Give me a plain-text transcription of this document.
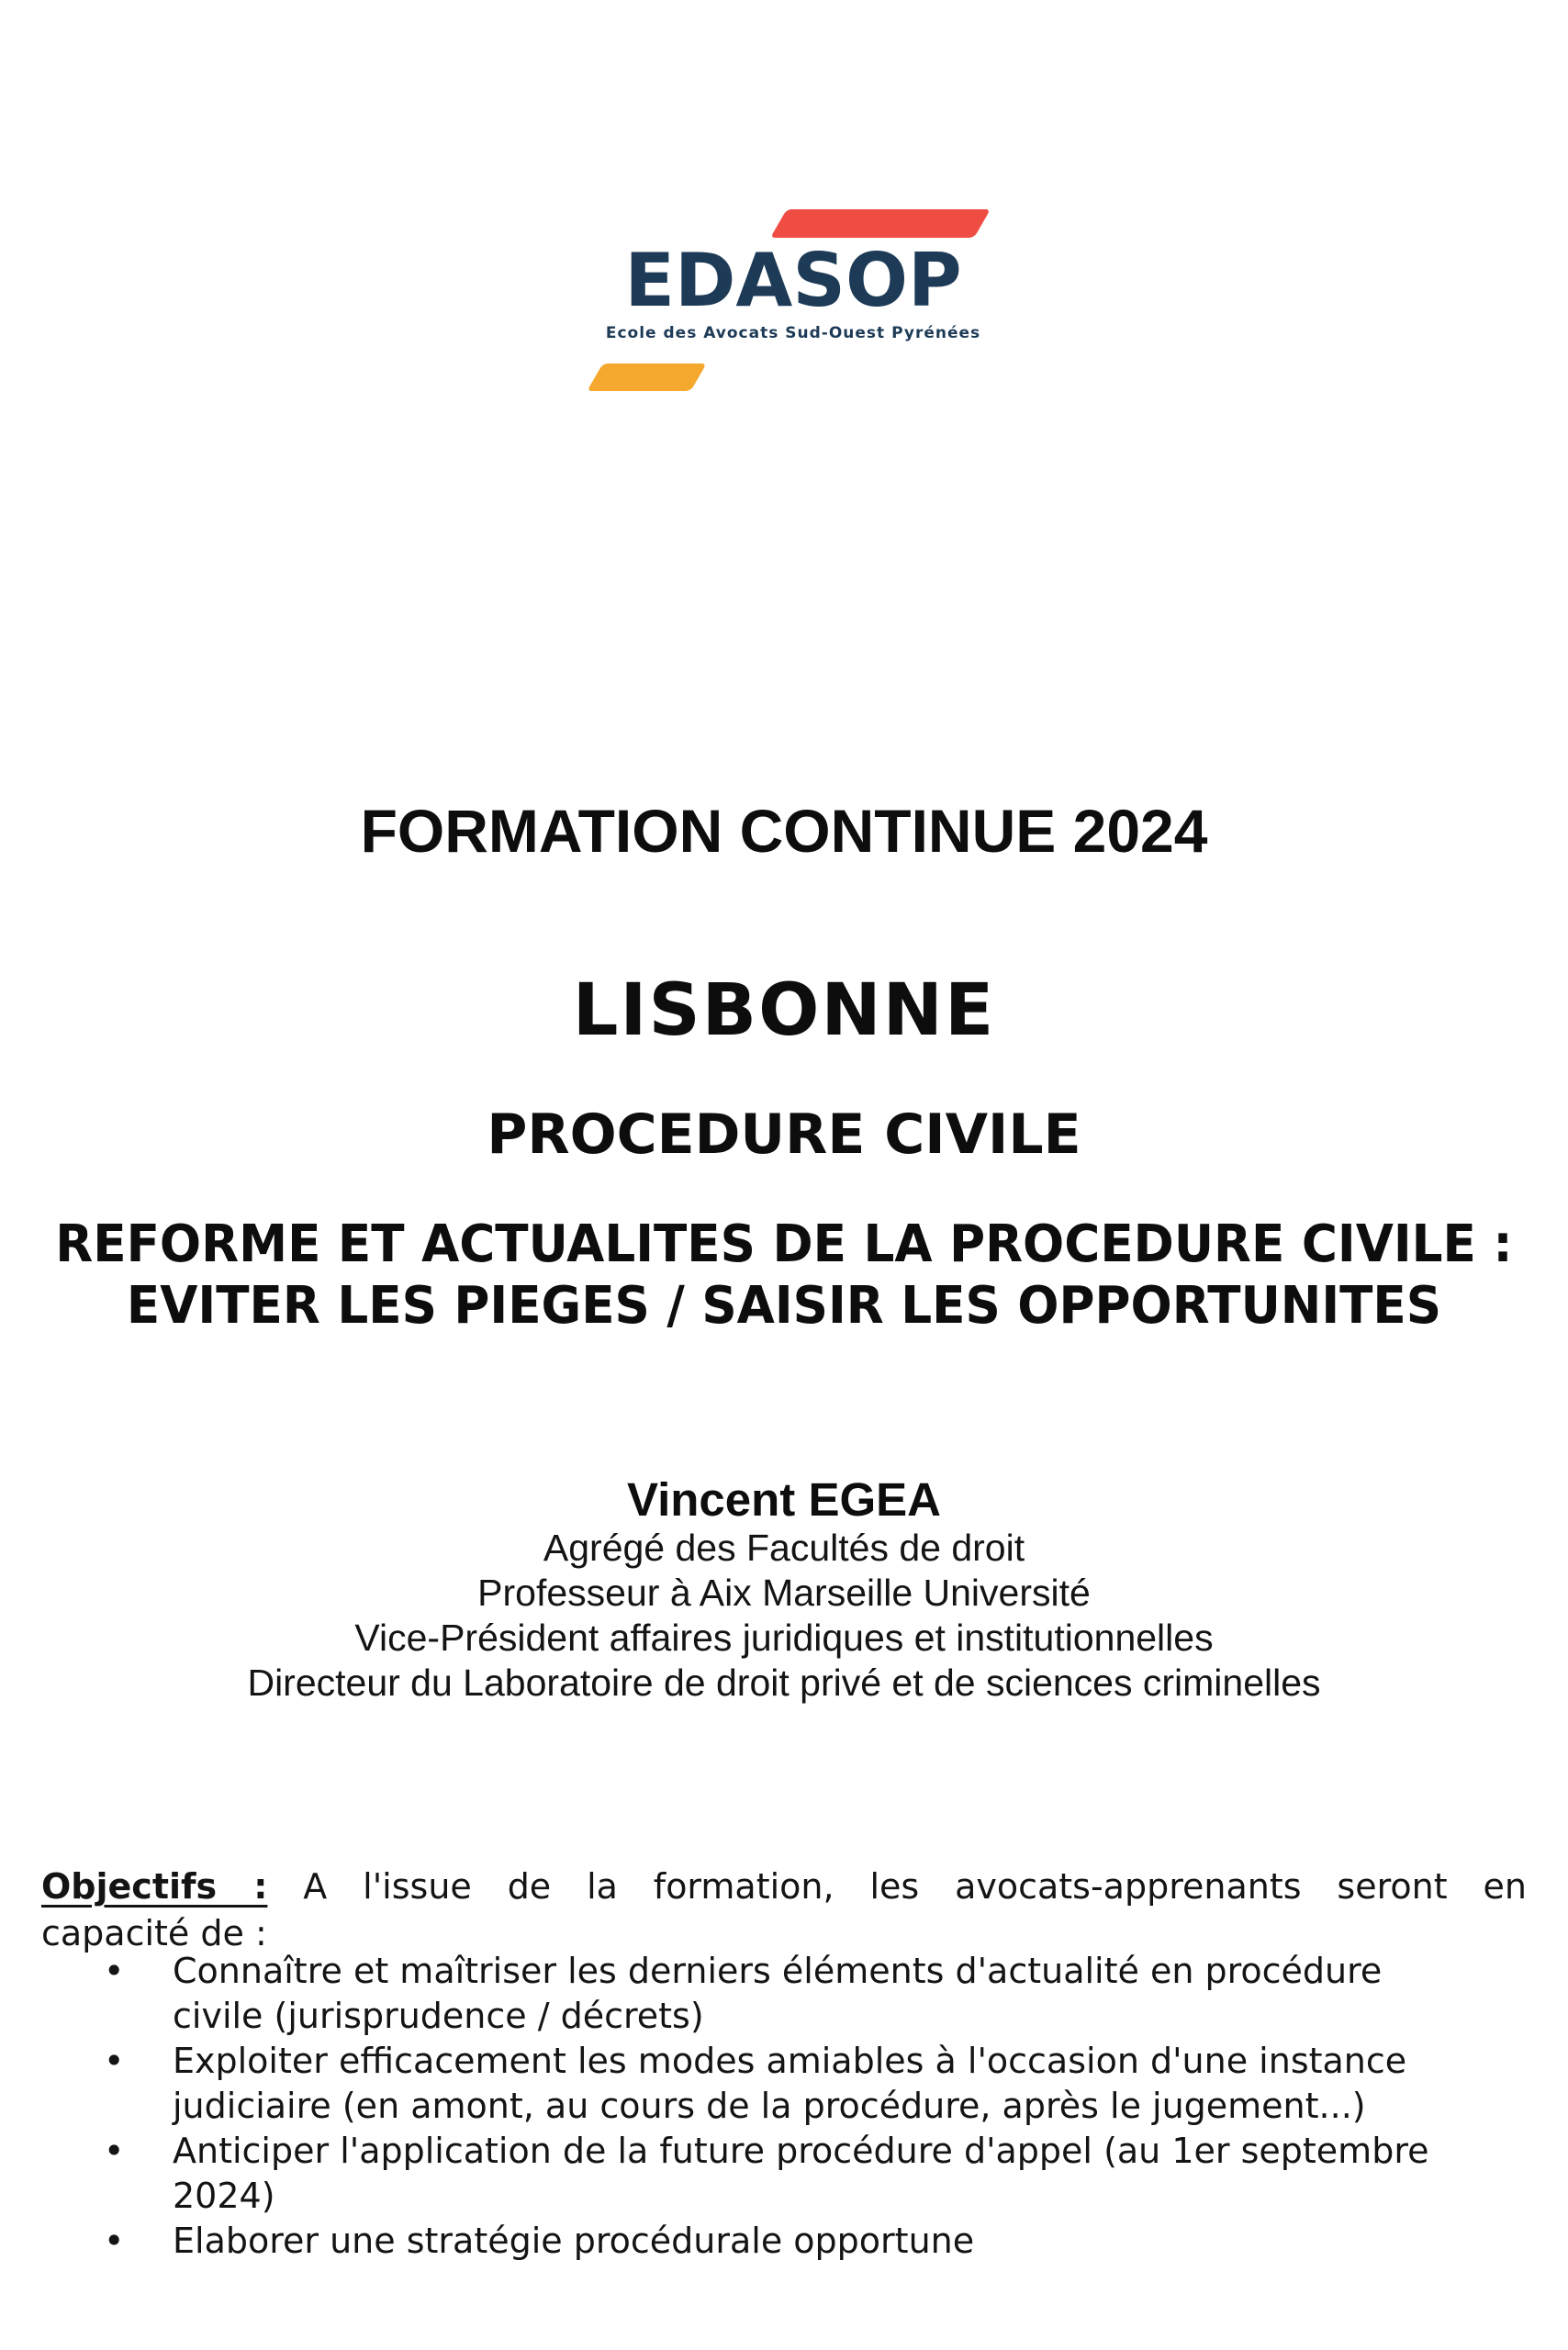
EDASOP
Ecole des Avocats Sud-Ouest Pyrénées
FORMATION CONTINUE 2024
LISBONNE
PROCEDURE CIVILE
REFORME ET ACTUALITES DE LA PROCEDURE CIVILE :
EVITER LES PIEGES / SAISIR LES OPPORTUNITES
Vincent EGEA
Agrégé des Facultés de droit
Professeur à Aix Marseille Université
Vice-Président affaires juridiques et institutionnelles
Directeur du Laboratoire de droit privé et de sciences criminelles
Objectifs : A l'issue de la formation, les avocats-apprenants seront en
capacité de :
• Connaître et maîtriser les derniers éléments d'actualité en procédure
civile (jurisprudence / décrets)
• Exploiter efficacement les modes amiables à l'occasion d'une instance
judiciaire (en amont, au cours de la procédure, après le jugement...)
• Anticiper l'application de la future procédure d'appel (au 1er septembre
2024)
• Elaborer une stratégie procédurale opportune
